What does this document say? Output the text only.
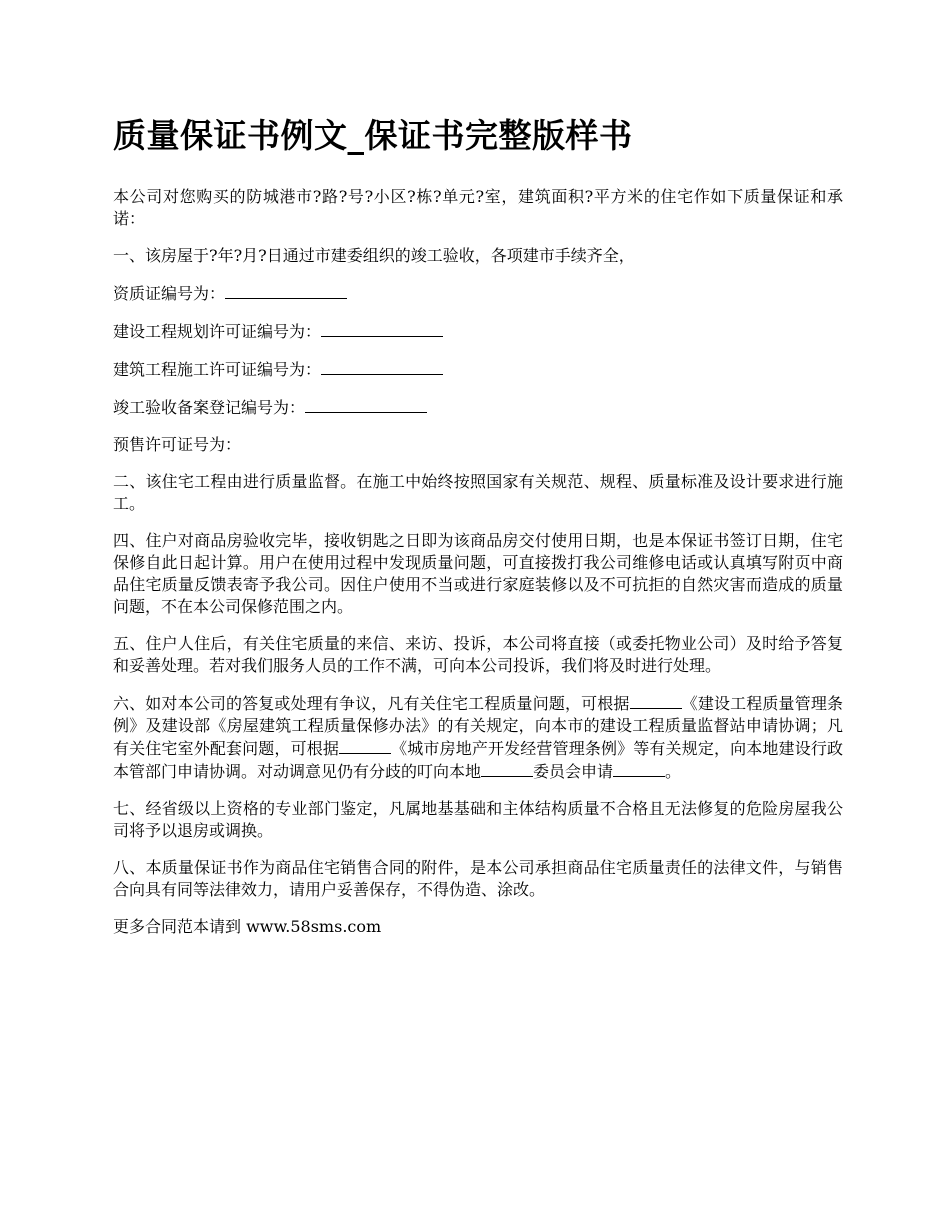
质量保证书例文_保证书完整版样书

本公司对您购买的防城港市?路?号?小区?栋?单元?室，建筑面积?平方米的住宅作如下质量保证和承诺：

一、该房屋于?年?月?日通过市建委组织的竣工验收，各项建市手续齐全，

资质证编号为：

建设工程规划许可证编号为：

建筑工程施工许可证编号为：

竣工验收备案登记编号为：

预售许可证号为：

二、该住宅工程由进行质量监督。在施工中始终按照国家有关规范、规程、质量标准及设计要求进行施工。

四、住户对商品房验收完毕，接收钥匙之日即为该商品房交付使用日期，也是本保证书签订日期，住宅保修自此日起计算。用户在使用过程中发现质量问题，可直接拨打我公司维修电话或认真填写附页中商品住宅质量反馈表寄予我公司。因住户使用不当或进行家庭装修以及不可抗拒的自然灾害而造成的质量问题，不在本公司保修范围之内。

五、住户人住后，有关住宅质量的来信、来访、投诉，本公司将直接（或委托物业公司）及时给予答复和妥善处理。若对我们服务人员的工作不满，可向本公司投诉，我们将及时进行处理。

六、如对本公司的答复或处理有争议，凡有关住宅工程质量问题，可根据	《建设工程质量管理条例》及建设部《房屋建筑工程质量保修办法》的有关规定，向本市的建设工程质量监督站申请协调；凡有关住宅室外配套问题，可根据	《城市房地产开发经营管理条例》等有关规定，向本地建设行政本管部门申请协调。对动调意见仍有分歧的叮向本地	委员会申请	。

七、经省级以上资格的专业部门鉴定，凡属地基基础和主体结构质量不合格且无法修复的危险房屋我公司将予以退房或调换。

八、本质量保证书作为商品住宅销售合同的附件，是本公司承担商品住宅质量责任的法律文件，与销售合向具有同等法律效力，请用户妥善保存，不得伪造、涂改。

更多合同范本请到 www.58sms.com
